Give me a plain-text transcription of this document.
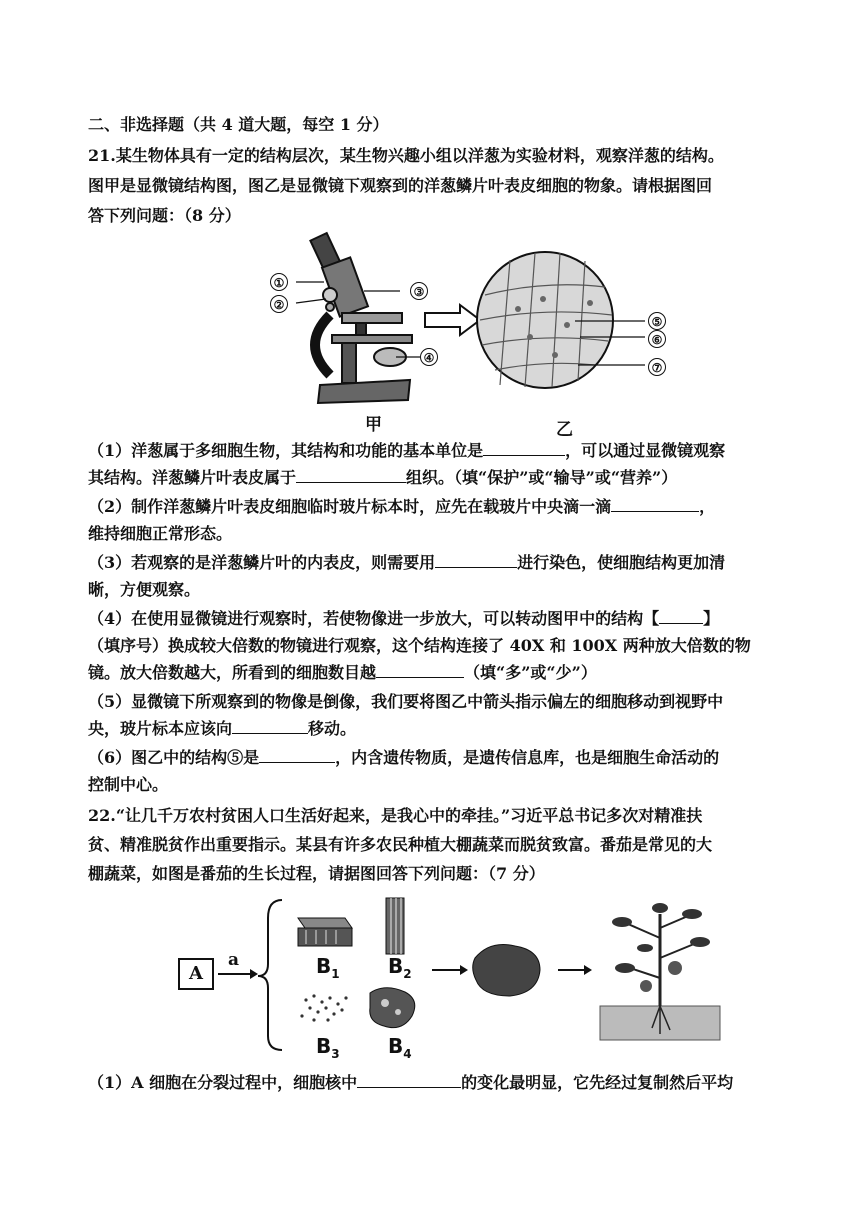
二、非选择题（共 4 道大题，每空 1 分）
21.某生物体具有一定的结构层次，某生物兴趣小组以洋葱为实验材料，观察洋葱的结构。
图甲是显微镜结构图，图乙是显微镜下观察到的洋葱鳞片叶表皮细胞的物象。请根据图回
答下列问题：（8 分）
①
②
③
④
⑤
⑥
⑦
甲	乙
（1）洋葱属于多细胞生物，其结构和功能的基本单位是	，可以通过显微镜观察
其结构。洋葱鳞片叶表皮属于	组织。（填“保护”或“输导”或“营养”）
（2）制作洋葱鳞片叶表皮细胞临时玻片标本时，应先在载玻片中央滴一滴	，
维持细胞正常形态。
（3）若观察的是洋葱鳞片叶的内表皮，则需要用	进行染色，使细胞结构更加清
晰，方便观察。
（4）在使用显微镜进行观察时，若使物像进一步放大，可以转动图甲中的结构【	】
（填序号）换成较大倍数的物镜进行观察，这个结构连接了 40X 和 100X 两种放大倍数的物
镜。放大倍数越大，所看到的细胞数目越	（填“多”或“少”）
（5）显微镜下所观察到的物像是倒像，我们要将图乙中箭头指示偏左的细胞移动到视野中
央，玻片标本应该向	移动。
（6）图乙中的结构⑤是	，内含遗传物质，是遗传信息库，也是细胞生命活动的
控制中心。
22.“让几千万农村贫困人口生活好起来，是我心中的牵挂。”习近平总书记多次对精准扶
贫、精准脱贫作出重要指示。某县有许多农民种植大棚蔬菜而脱贫致富。番茄是常见的大
棚蔬菜，如图是番茄的生长过程，请据图回答下列问题：（7 分）
A
a	$B_1$ $B_2$
$B_3$ $B_4$
（1）A 细胞在分裂过程中，细胞核中	的变化最明显，它先经过复制然后平均
